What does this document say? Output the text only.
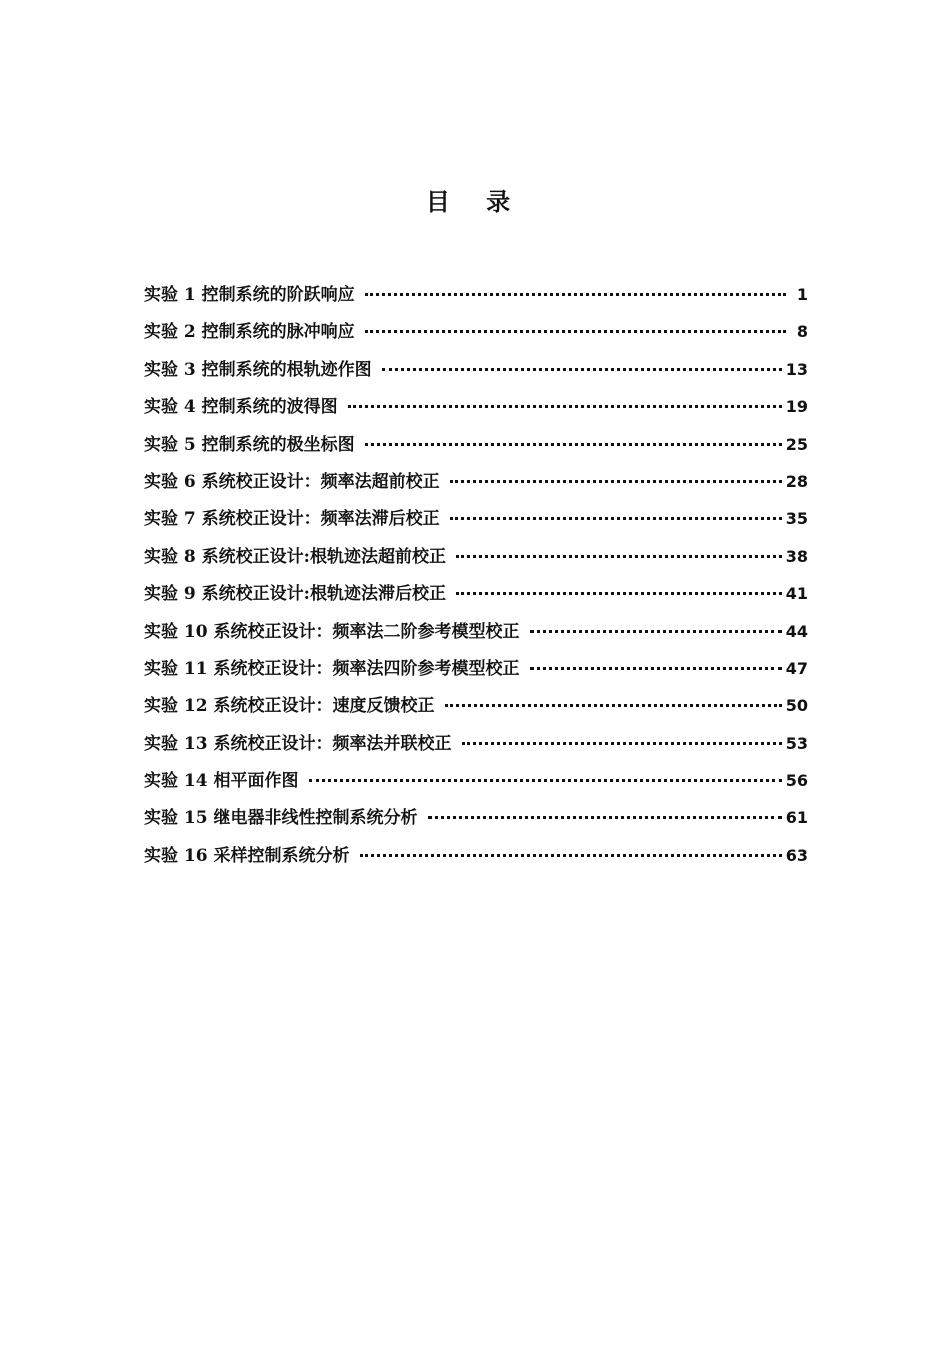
目 录
实验 1 控制系统的阶跃响应	1
实验 2 控制系统的脉冲响应	8
实验 3 控制系统的根轨迹作图	13
实验 4 控制系统的波得图	19
实验 5 控制系统的极坐标图	25
实验 6 系统校正设计：频率法超前校正	28
实验 7 系统校正设计：频率法滞后校正	35
实验 8 系统校正设计:根轨迹法超前校正	38
实验 9 系统校正设计:根轨迹法滞后校正	41
实验 10 系统校正设计：频率法二阶参考模型校正	44
实验 11 系统校正设计：频率法四阶参考模型校正	47
实验 12 系统校正设计：速度反馈校正	50
实验 13 系统校正设计：频率法并联校正	53
实验 14 相平面作图	56
实验 15 继电器非线性控制系统分析	61
实验 16 采样控制系统分析	63
